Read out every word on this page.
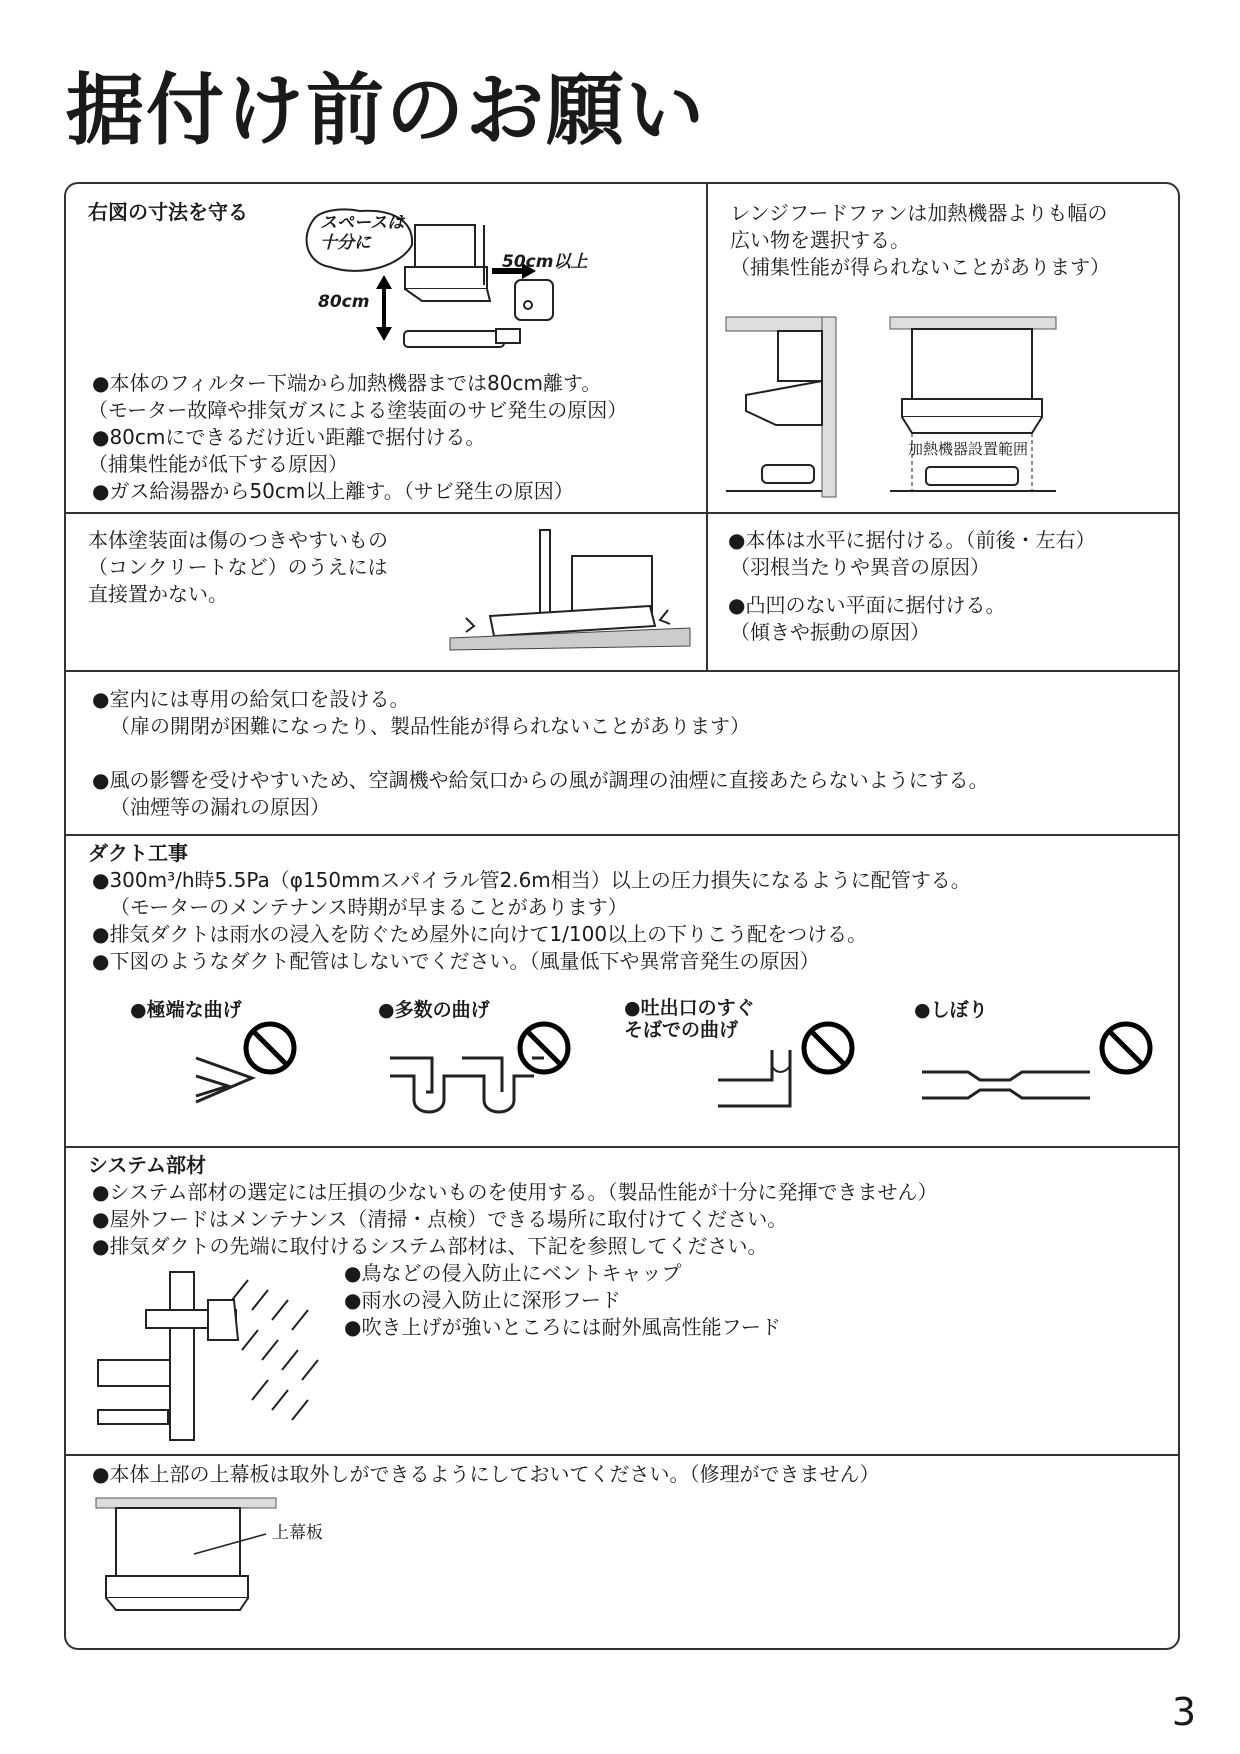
据付け前のお願い
右図の寸法を守る	スペースは
十分に
50cm以上
80cm
●本体のフィルター下端から加熱機器までは80cm離す。
（モーター故障や排気ガスによる塗装面のサビ発生の原因）
●80cmにできるだけ近い距離で据付ける。
（捕集性能が低下する原因）
●ガス給湯器から50cm以上離す。（サビ発生の原因）
レンジフードファンは加熱機器よりも幅の
広い物を選択する。
（捕集性能が得られないことがあります）
加熱機器設置範囲
本体塗装面は傷のつきやすいもの
（コンクリートなど）のうえには
直接置かない。
●本体は水平に据付ける。（前後・左右）
（羽根当たりや異音の原因）
●凸凹のない平面に据付ける。
（傾きや振動の原因）
●室内には専用の給気口を設ける。
（扉の開閉が困難になったり、製品性能が得られないことがあります）
●風の影響を受けやすいため、空調機や給気口からの風が調理の油煙に直接あたらないようにする。
（油煙等の漏れの原因）
ダクト工事
●300m³/h時5.5Pa（φ150mmスパイラル管2.6m相当）以上の圧力損失になるように配管する。
（モーターのメンテナンス時期が早まることがあります）
●排気ダクトは雨水の浸入を防ぐため屋外に向けて1/100以上の下りこう配をつける。
●下図のようなダクト配管はしないでください。（風量低下や異常音発生の原因）
●極端な曲げ	●多数の曲げ	●吐出口のすぐ
そばでの曲げ
●しぼり
システム部材
●システム部材の選定には圧損の少ないものを使用する。（製品性能が十分に発揮できません）
●屋外フードはメンテナンス（清掃・点検）できる場所に取付けてください。
●排気ダクトの先端に取付けるシステム部材は、下記を参照してください。
●鳥などの侵入防止にベントキャップ
●雨水の浸入防止に深形フード
●吹き上げが強いところには耐外風高性能フード
●本体上部の上幕板は取外しができるようにしておいてください。（修理ができません）
上幕板
3
